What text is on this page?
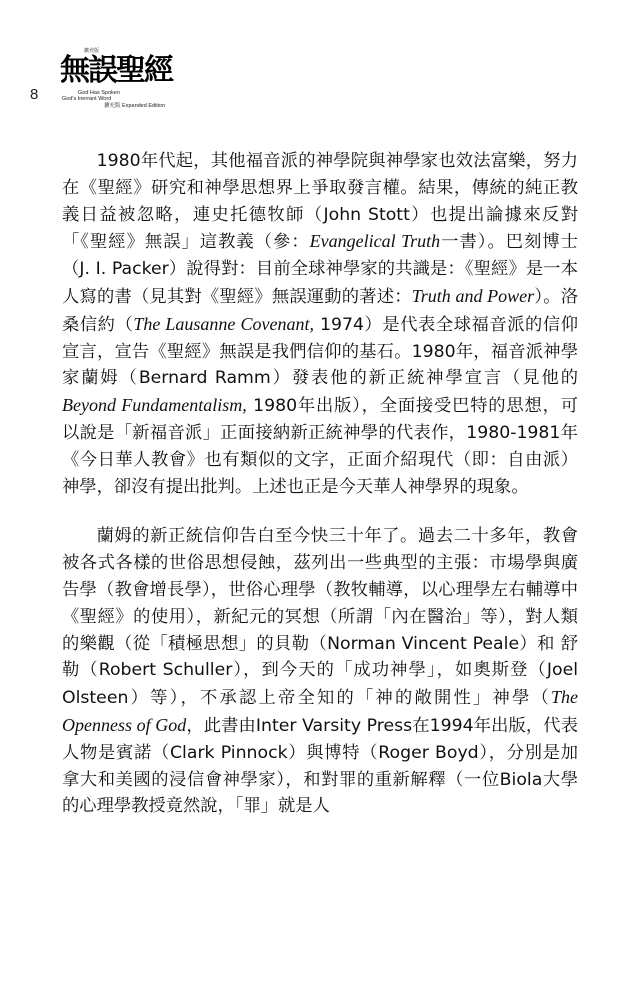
8
擴充版
無誤聖經
God Has Spoken
God's Inerrant Word
擴充版 Expanded Edition

1980年代起，其他福音派的神學院與神學家也效法富樂，努力在《聖經》研究和神學思想界上爭取發言權。結果，傳統的純正教義日益被忽略，連史托德牧師（John Stott）也提出論據來反對「《聖經》無誤」這教義（參：Evangelical Truth一書）。巴刻博士（J. I. Packer）說得對：目前全球神學家的共識是：《聖經》是一本人寫的書（見其對《聖經》無誤運動的著述：Truth and Power）。洛桑信約（The Lausanne Covenant, 1974）是代表全球福音派的信仰宣言，宣告《聖經》無誤是我們信仰的基石。1980年，福音派神學家蘭姆（Bernard Ramm）發表他的新正統神學宣言（見他的Beyond Fundamentalism, 1980年出版），全面接受巴特的思想，可以說是「新福音派」正面接納新正統神學的代表作，1980-1981年《今日華人教會》也有類似的文字，正面介紹現代（即：自由派）神學，卻沒有提出批判。上述也正是今天華人神學界的現象。

蘭姆的新正統信仰告白至今快三十年了。過去二十多年，教會被各式各樣的世俗思想侵蝕，茲列出一些典型的主張：市場學與廣告學（教會增長學），世俗心理學（教牧輔導，以心理學左右輔導中《聖經》的使用），新紀元的冥想（所謂「內在醫治」等），對人類的樂觀（從「積極思想」的貝勒（Norman Vincent Peale）和 舒勒（Robert Schuller），到今天的「成功神學」，如奧斯登（Joel Olsteen）等），不承認上帝全知的「神的敞開性」神學（The Openness of God，此書由Inter Varsity Press在1994年出版，代表人物是賓諾（Clark Pinnock）與博特（Roger Boyd），分別是加拿大和美國的浸信會神學家），和對罪的重新解釋（一位Biola大學的心理學教授竟然說，「罪」就是人
